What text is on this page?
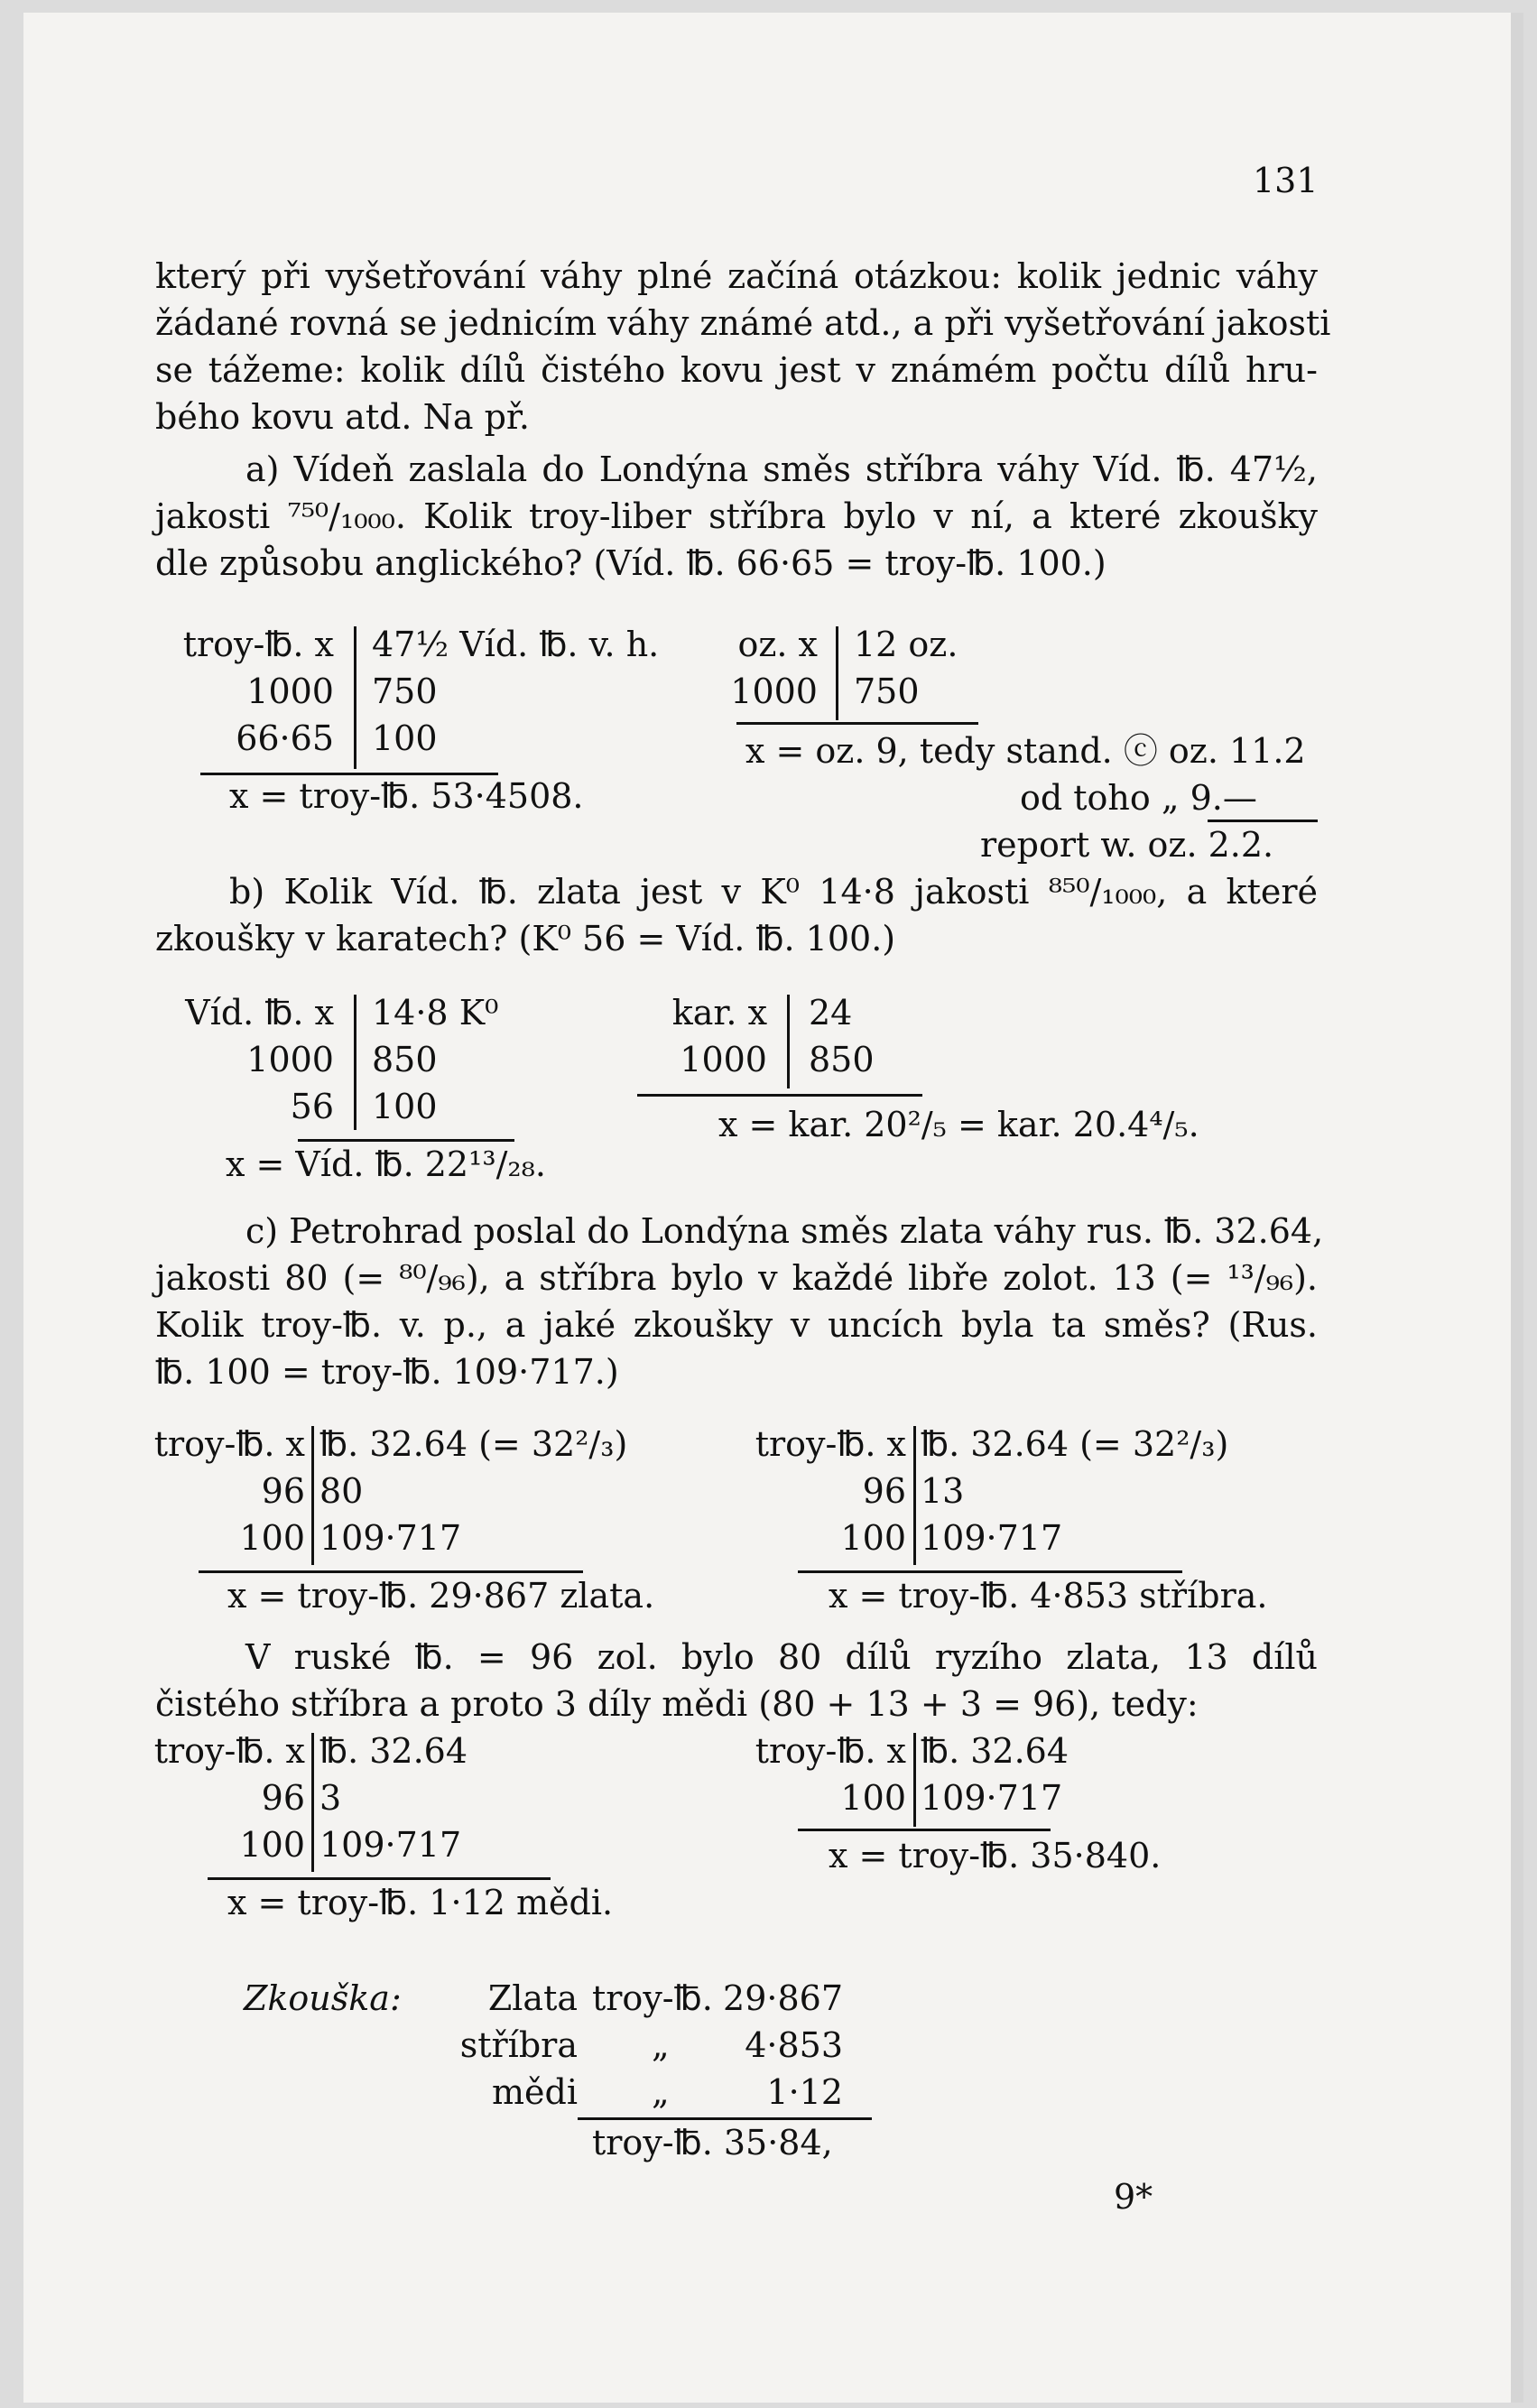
131
který při vyšetřování váhy plné začíná otázkou: kolik jednic váhy
žádané rovná se jednicím váhy známé atd., a při vyšetřování jakosti
se tážeme: kolik dílů čistého kovu jest v známém počtu dílů hru-
bého kovu atd. Na př.
a) Vídeň zaslala do Londýna směs stříbra váhy Víd. ℔. 47½,
jakosti ⁷⁵⁰/₁₀₀₀. Kolik troy-liber stříbra bylo v ní, a které zkoušky
dle způsobu anglického? (Víd. ℔. 66·65 = troy-℔. 100.)
troy-℔. x 47½ Víd. ℔. v. h.
1000 750
66·65 100
x = troy-℔. 53·4508.
oz. x 12 oz.
1000 750
x = oz. 9, tedy stand. ⓒ oz. 11.2
od toho „ 9.—
report w. oz. 2.2.
b) Kolik Víd. ℔. zlata jest v K⁰ 14·8 jakosti ⁸⁵⁰/₁₀₀₀, a které
zkoušky v karatech? (K⁰ 56 = Víd. ℔. 100.)
Víd. ℔. x 14·8 K⁰
1000 850
56 100
x = Víd. ℔. 22¹³/₂₈.
kar. x 24
1000 850
x = kar. 20²/₅ = kar. 20.4⁴/₅.
c) Petrohrad poslal do Londýna směs zlata váhy rus. ℔. 32.64,
jakosti 80 (= ⁸⁰/₉₆), a stříbra bylo v každé libře zolot. 13 (= ¹³/₉₆).
Kolik troy-℔. v. p., a jaké zkoušky v uncích byla ta směs? (Rus.
℔. 100 = troy-℔. 109·717.)
troy-℔. x ℔. 32.64 (= 32²/₃)
96 80
100 109·717
x = troy-℔. 29·867 zlata.
troy-℔. x ℔. 32.64 (= 32²/₃)
96 13
100 109·717
x = troy-℔. 4·853 stříbra.
V ruské ℔. = 96 zol. bylo 80 dílů ryzího zlata, 13 dílů
čistého stříbra a proto 3 díly mědi (80 + 13 + 3 = 96), tedy:
troy-℔. x ℔. 32.64
96 3
100 109·717
x = troy-℔. 1·12 mědi.
troy-℔. x ℔. 32.64
100 109·717
x = troy-℔. 35·840.
Zkouška:	Zlata troy-℔. 29·867
stříbra „	4·853
mědi „	1·12
troy-℔. 35·84,
9*
